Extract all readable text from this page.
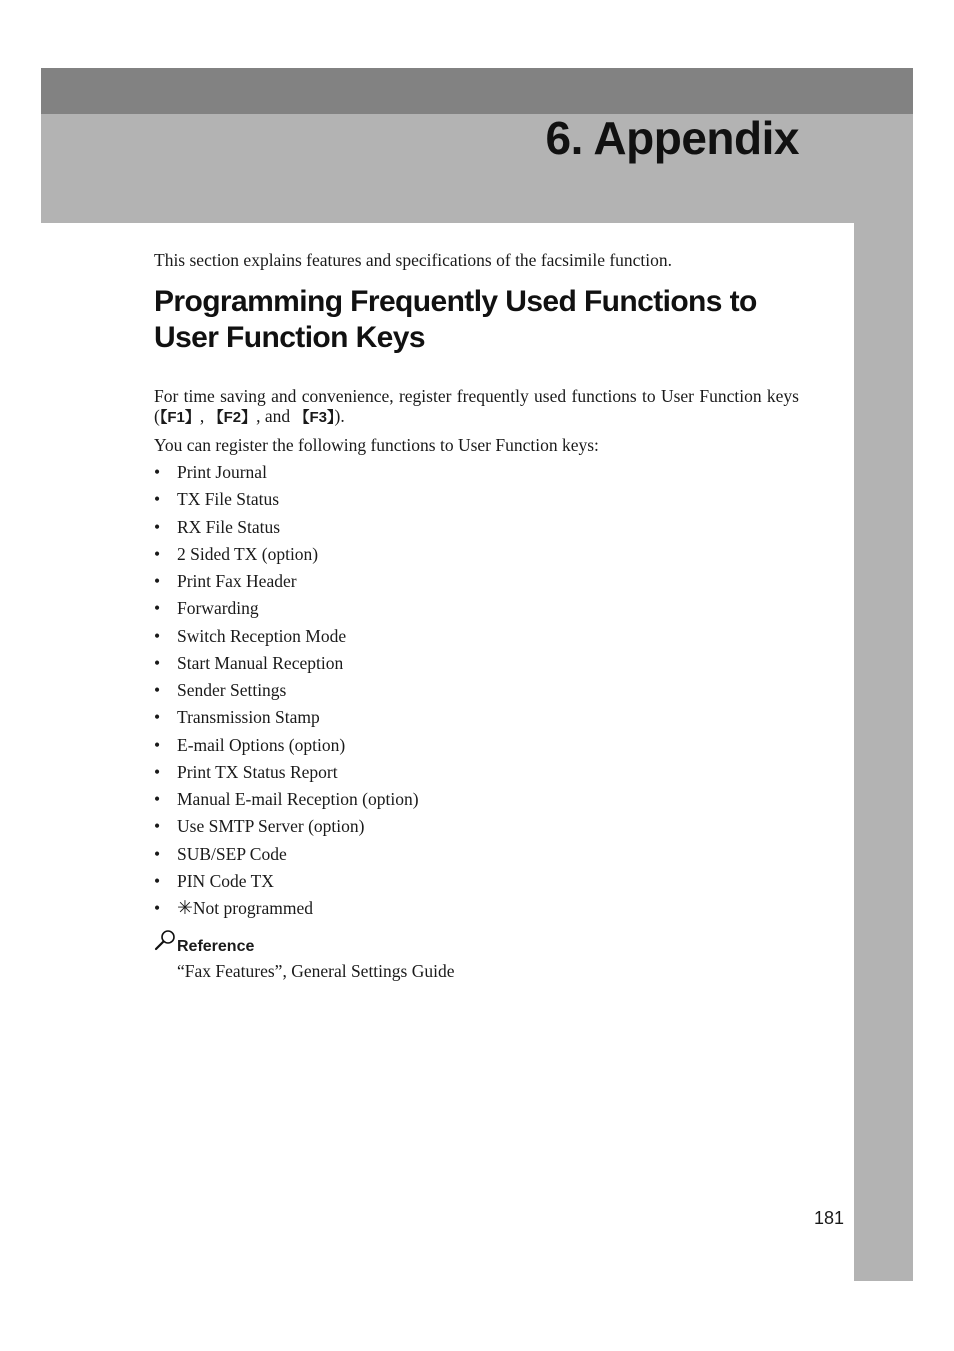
6. Appendix

This section explains features and specifications of the facsimile function.

Programming Frequently Used Functions to User Function Keys

For time saving and convenience, register frequently used functions to User Function keys (【F1】, 【F2】, and 【F3】).

You can register the following functions to User Function keys:

• Print Journal
• TX File Status
• RX File Status
• 2 Sided TX (option)
• Print Fax Header
• Forwarding
• Switch Reception Mode
• Start Manual Reception
• Sender Settings
• Transmission Stamp
• E-mail Options (option)
• Print TX Status Report
• Manual E-mail Reception (option)
• Use SMTP Server (option)
• SUB/SEP Code
• PIN Code TX
• ✳Not programmed
Reference

“Fax Features”, General Settings Guide

181
